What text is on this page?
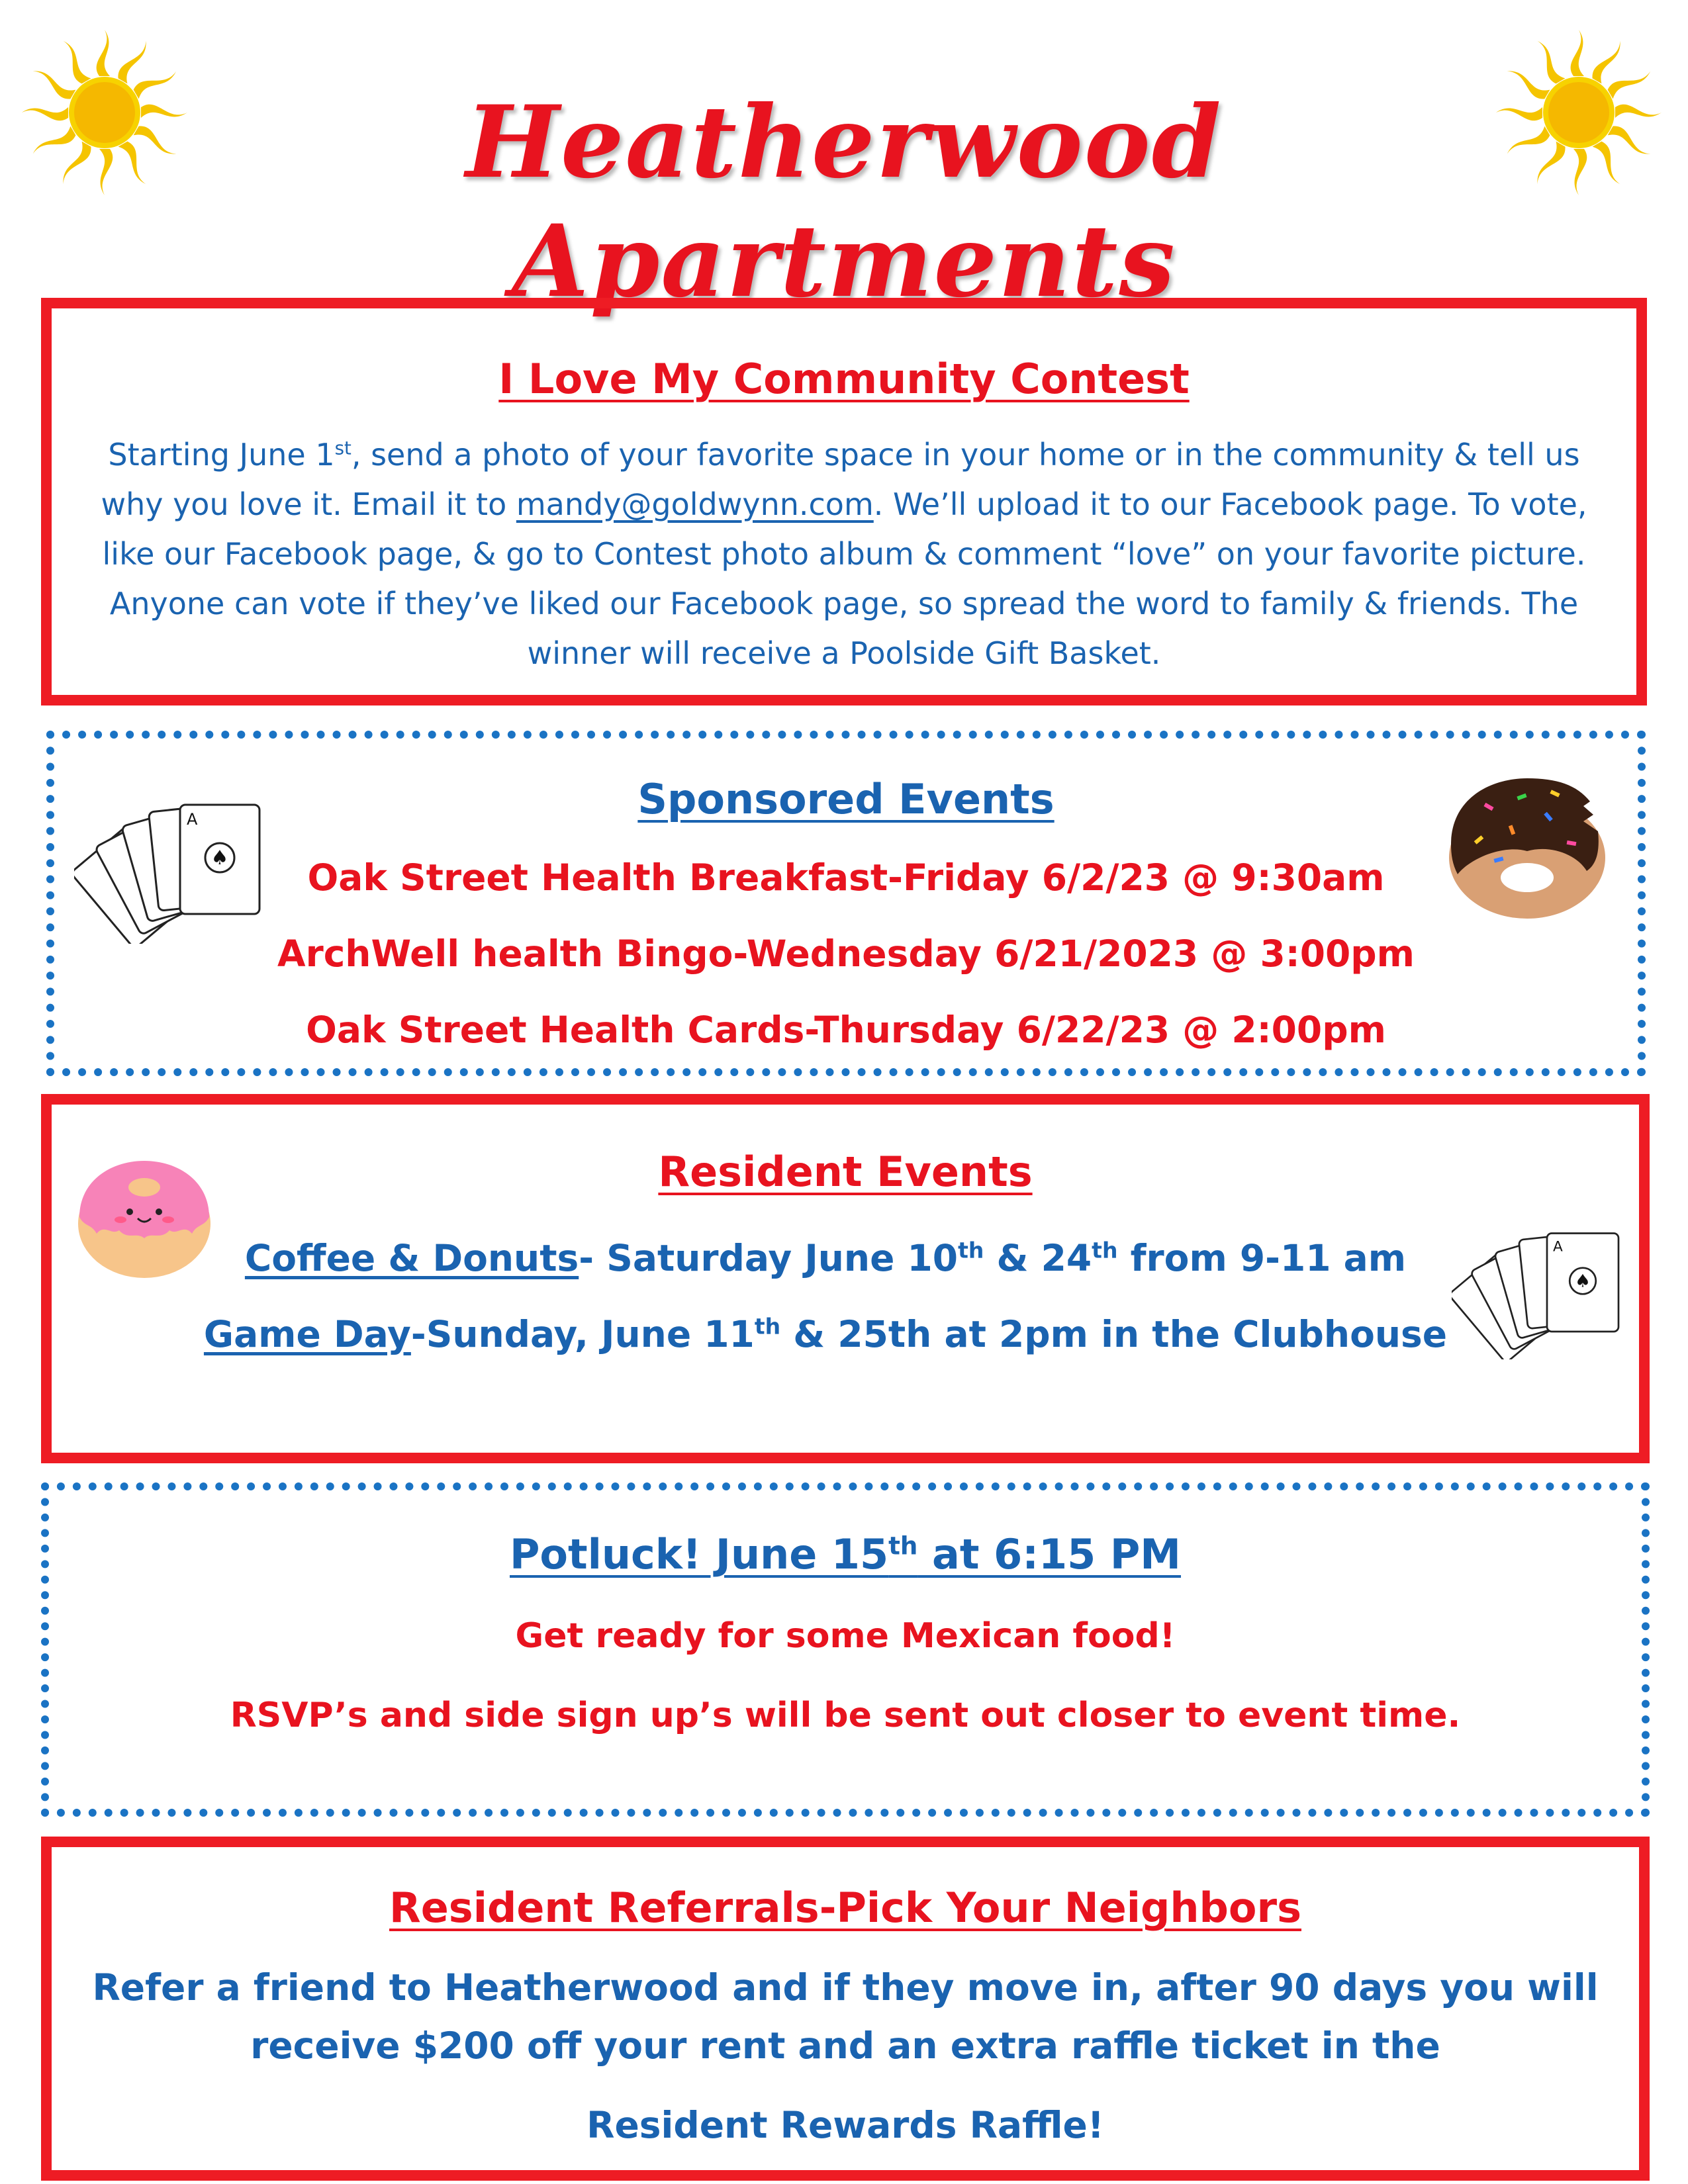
Heatherwood Apartments
I Love My Community Contest
Starting June 1st, send a photo of your favorite space in your home or in the community & tell us why you love it. Email it to mandy@goldwynn.com. We’ll upload it to our Facebook page. To vote, like our Facebook page, & go to Contest photo album & comment “love” on your favorite picture. Anyone can vote if they’ve liked our Facebook page, so spread the word to family & friends. The winner will receive a Poolside Gift Basket.
Sponsored Events
Oak Street Health Breakfast-Friday 6/2/23 @ 9:30am
ArchWell health Bingo-Wednesday 6/21/2023 @ 3:00pm
Oak Street Health Cards-Thursday 6/22/23 @ 2:00pm
♠
A
Resident Events
Coffee & Donuts- Saturday June 10th & 24th from 9-11 am
Game Day-Sunday, June 11th & 25th at 2pm in the Clubhouse
♠
A
Potluck! June 15th at 6:15 PM
Get ready for some Mexican food!
RSVP’s and side sign up’s will be sent out closer to event time.
Resident Referrals-Pick Your Neighbors
Refer a friend to Heatherwood and if they move in, after 90 days you will
receive $200 off your rent and an extra raffle ticket in the
Resident Rewards Raffle!
